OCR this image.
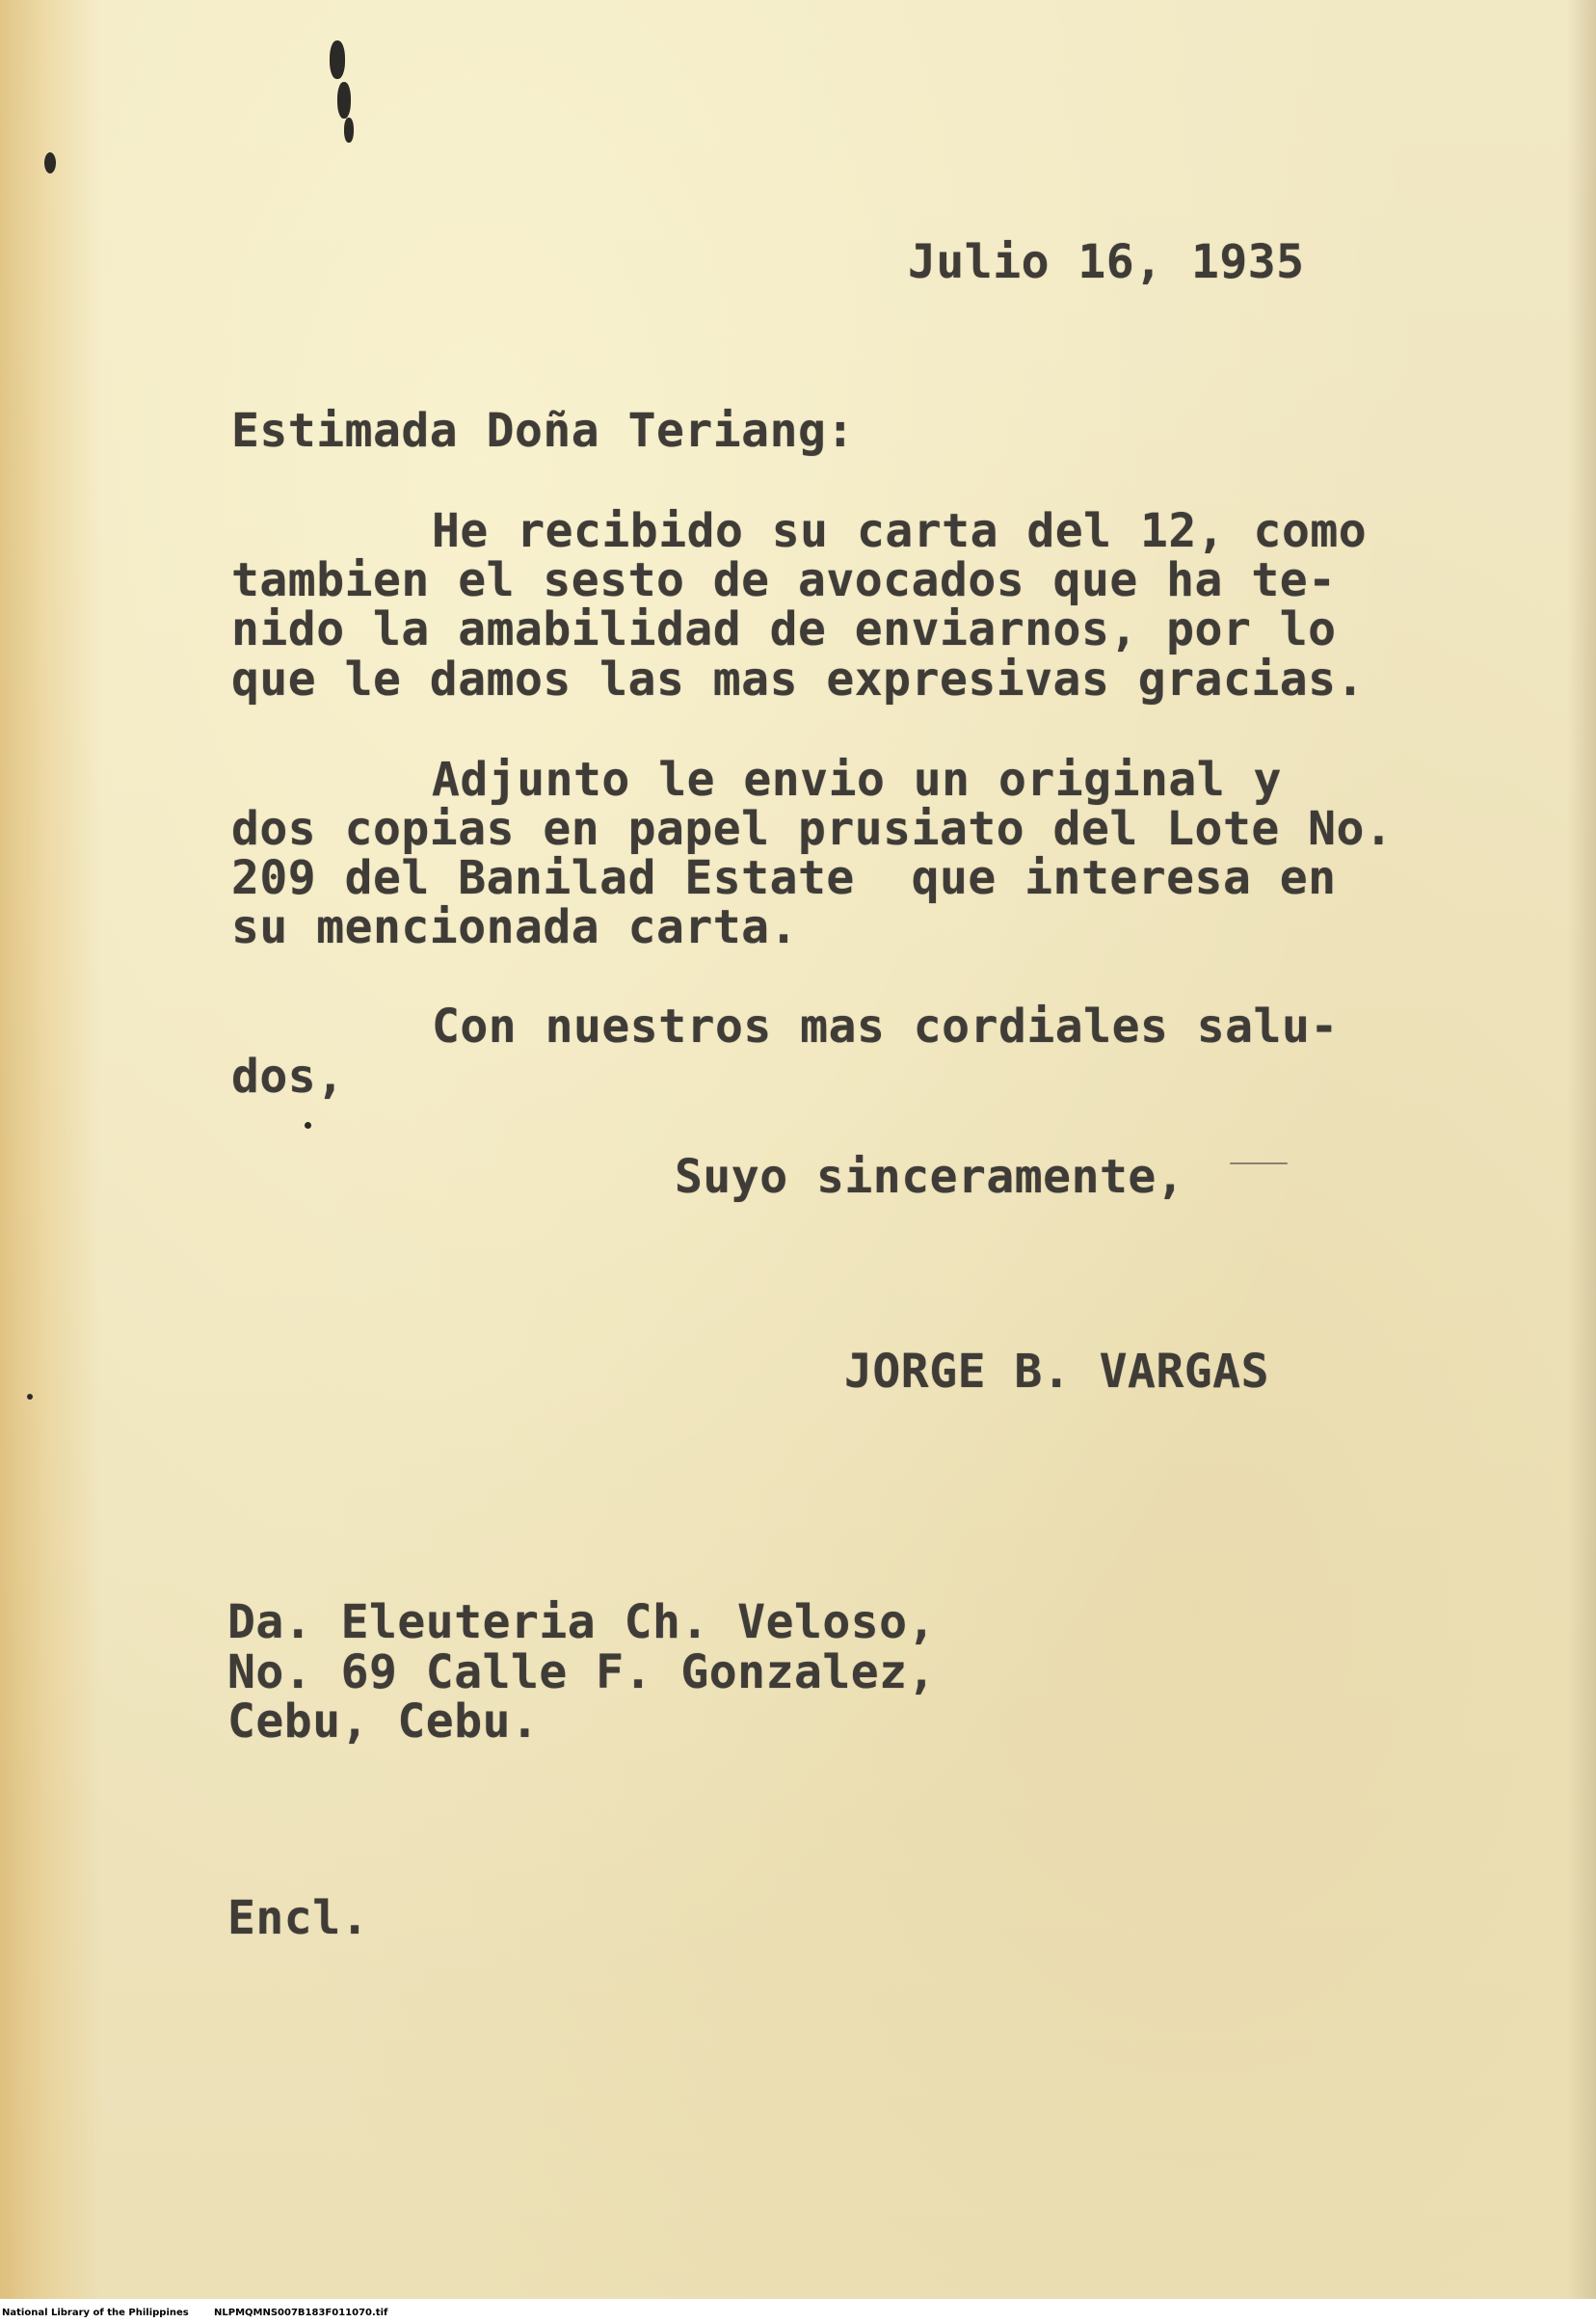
Julio 16, 1935
Estimada Doña Teriang:
He recibido su carta del 12, como
tambien el sesto de avocados que ha te-
nido la amabilidad de enviarnos, por lo
que le damos las mas expresivas gracias.
Adjunto le envio un original y
dos copias en papel prusiato del Lote No.
209 del Banilad Estate  que interesa en
su mencionada carta.
Con nuestros mas cordiales salu-
dos,
Suyo sinceramente,
JORGE B. VARGAS
Da. Eleuteria Ch. Veloso,
No. 69 Calle F. Gonzalez,
Cebu, Cebu.
Encl.
National Library of the Philippines	NLPMQMNS007B183F011070.tif
